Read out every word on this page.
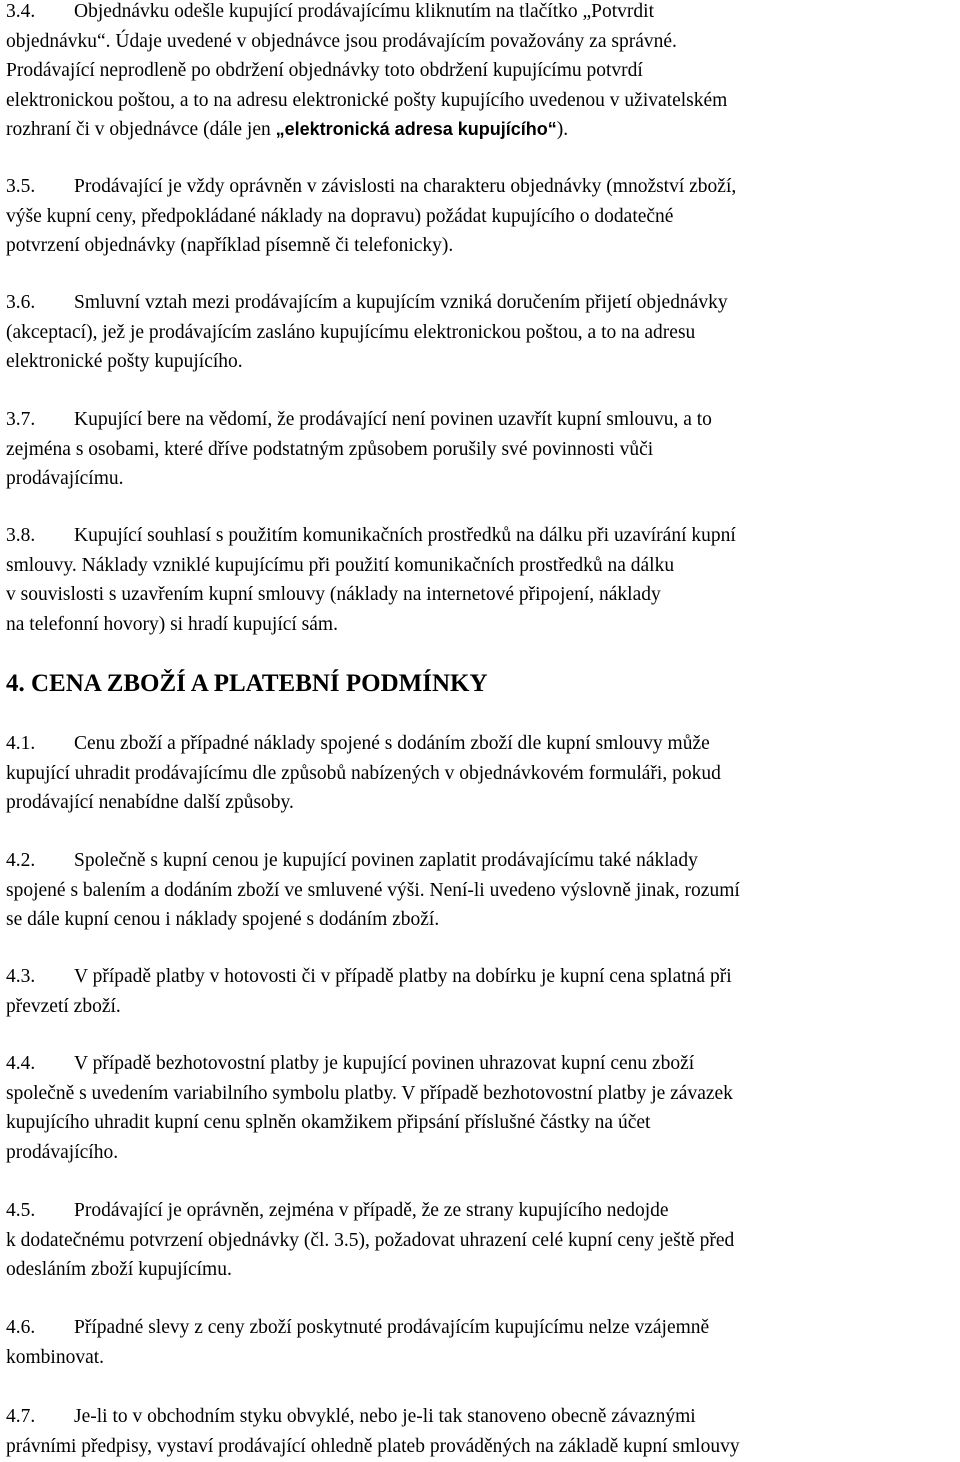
3.4. Objednávku odešle kupující prodávajícímu kliknutím na tlačítko „Potvrdit
objednávku“. Údaje uvedené v objednávce jsou prodávajícím považovány za správné.
Prodávající neprodleně po obdržení objednávky toto obdržení kupujícímu potvrdí
elektronickou poštou, a to na adresu elektronické pošty kupujícího uvedenou v uživatelském
rozhraní či v objednávce (dále jen „elektronická adresa kupujícího“).
3.5. Prodávající je vždy oprávněn v závislosti na charakteru objednávky (množství zboží,
výše kupní ceny, předpokládané náklady na dopravu) požádat kupujícího o dodatečné
potvrzení objednávky (například písemně či telefonicky).
3.6. Smluvní vztah mezi prodávajícím a kupujícím vzniká doručením přijetí objednávky
(akceptací), jež je prodávajícím zasláno kupujícímu elektronickou poštou, a to na adresu
elektronické pošty kupujícího.
3.7. Kupující bere na vědomí, že prodávající není povinen uzavřít kupní smlouvu, a to
zejména s osobami, které dříve podstatným způsobem porušily své povinnosti vůči
prodávajícímu.
3.8. Kupující souhlasí s použitím komunikačních prostředků na dálku při uzavírání kupní
smlouvy. Náklady vzniklé kupujícímu při použití komunikačních prostředků na dálku
v souvislosti s uzavřením kupní smlouvy (náklady na internetové připojení, náklady
na telefonní hovory) si hradí kupující sám.
4. CENA ZBOŽÍ A PLATEBNÍ PODMÍNKY
4.1. Cenu zboží a případné náklady spojené s dodáním zboží dle kupní smlouvy může
kupující uhradit prodávajícímu dle způsobů nabízených v objednávkovém formuláři, pokud
prodávající nenabídne další způsoby.
4.2. Společně s kupní cenou je kupující povinen zaplatit prodávajícímu také náklady
spojené s balením a dodáním zboží ve smluvené výši. Není-li uvedeno výslovně jinak, rozumí
se dále kupní cenou i náklady spojené s dodáním zboží.
4.3. V případě platby v hotovosti či v případě platby na dobírku je kupní cena splatná při
převzetí zboží.
4.4. V případě bezhotovostní platby je kupující povinen uhrazovat kupní cenu zboží
společně s uvedením variabilního symbolu platby. V případě bezhotovostní platby je závazek
kupujícího uhradit kupní cenu splněn okamžikem připsání příslušné částky na účet
prodávajícího.
4.5. Prodávající je oprávněn, zejména v případě, že ze strany kupujícího nedojde
k dodatečnému potvrzení objednávky (čl. 3.5), požadovat uhrazení celé kupní ceny ještě před
odesláním zboží kupujícímu.
4.6. Případné slevy z ceny zboží poskytnuté prodávajícím kupujícímu nelze vzájemně
kombinovat.
4.7. Je-li to v obchodním styku obvyklé, nebo je-li tak stanoveno obecně závaznými
právními předpisy, vystaví prodávající ohledně plateb prováděných na základě kupní smlouvy
